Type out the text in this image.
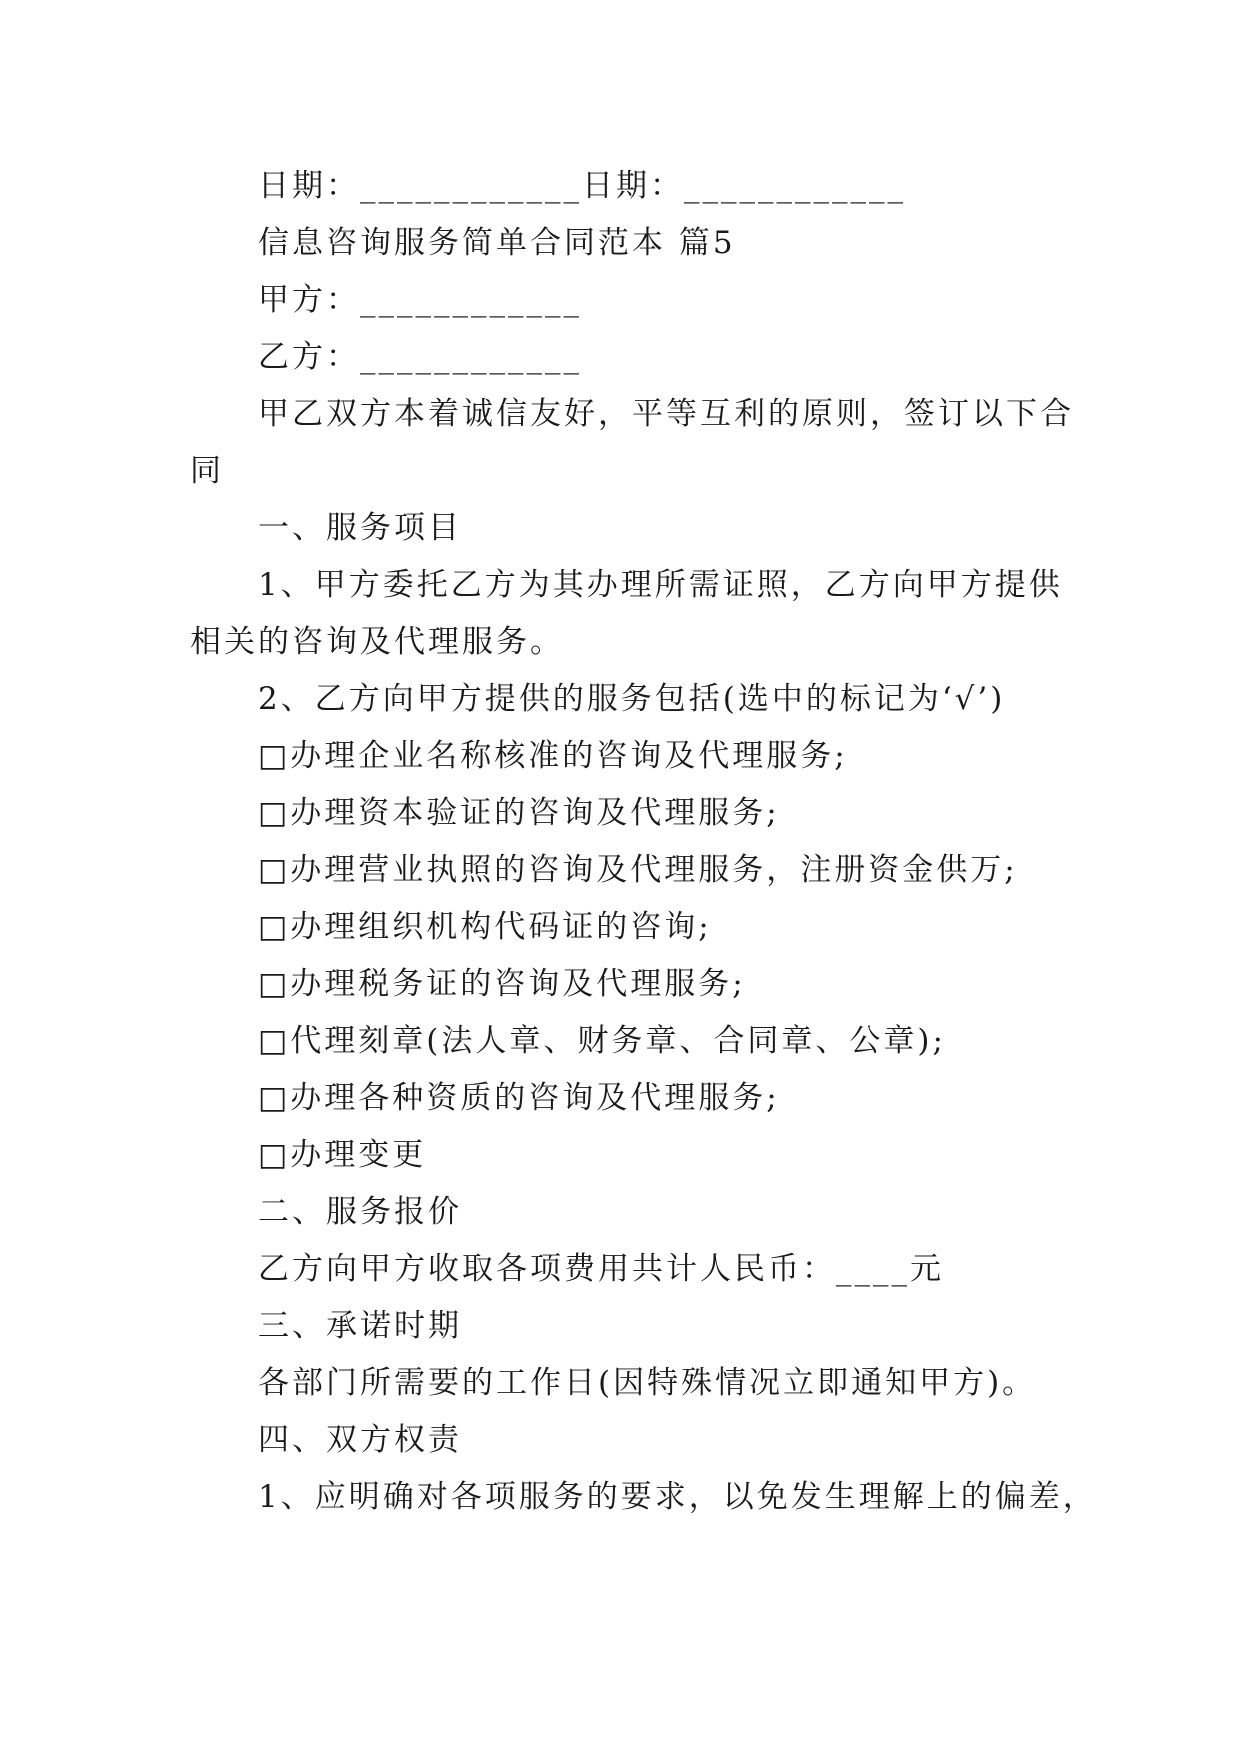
日期：____________日期：____________
信息咨询服务简单合同范本 篇5
甲方：____________
乙方：____________
甲乙双方本着诚信友好，平等互利的原则，签订以下合
同
一、服务项目
1、甲方委托乙方为其办理所需证照，乙方向甲方提供
相关的咨询及代理服务。
2、乙方向甲方提供的服务包括(选中的标记为‘√’)
□办理企业名称核准的咨询及代理服务;
□办理资本验证的咨询及代理服务;
□办理营业执照的咨询及代理服务，注册资金供万;
□办理组织机构代码证的咨询;
□办理税务证的咨询及代理服务;
□代理刻章(法人章、财务章、合同章、公章);
□办理各种资质的咨询及代理服务;
□办理变更
二、服务报价
乙方向甲方收取各项费用共计人民币：____元
三、承诺时期
各部门所需要的工作日(因特殊情况立即通知甲方)。
四、双方权责
1、应明确对各项服务的要求，以免发生理解上的偏差，
